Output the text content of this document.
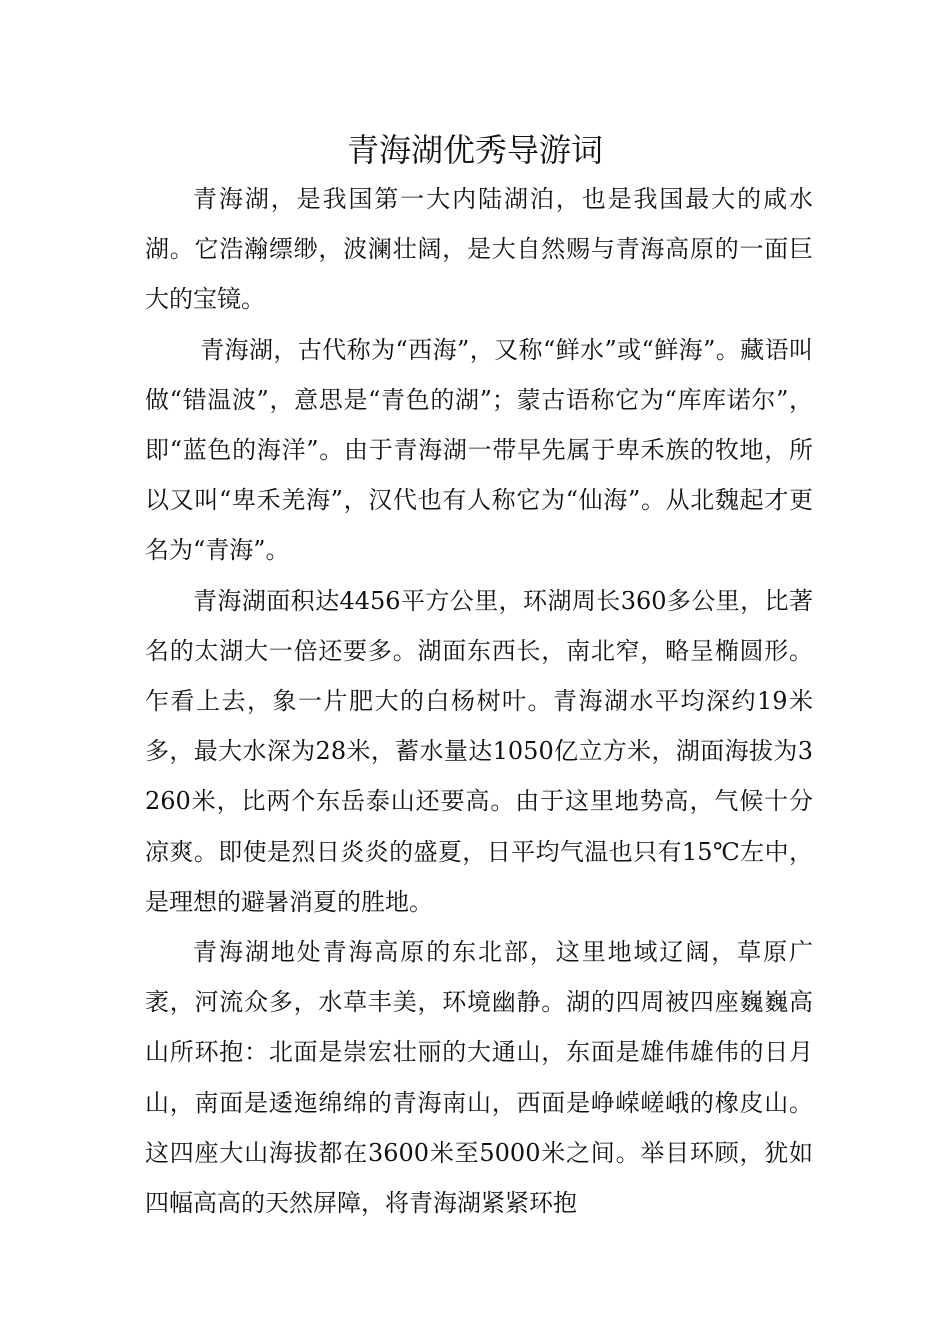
青海湖优秀导游词

青海湖，是我国第一大内陆湖泊，也是我国最大的咸水湖。它浩瀚缥缈，波澜壮阔，是大自然赐与青海高原的一面巨大的宝镜。

青海湖，古代称为“西海”，又称“鲜水”或“鲜海”。藏语叫做“错温波”，意思是“青色的湖”；蒙古语称它为“库库诺尔”，即“蓝色的海洋”。由于青海湖一带早先属于卑禾族的牧地，所以又叫“卑禾羌海”，汉代也有人称它为“仙海”。从北魏起才更名为“青海”。

青海湖面积达4456平方公里，环湖周长360多公里，比著名的太湖大一倍还要多。湖面东西长，南北窄，略呈椭圆形。乍看上去，象一片肥大的白杨树叶。青海湖水平均深约19米多，最大水深为28米，蓄水量达1050亿立方米，湖面海拔为3260米，比两个东岳泰山还要高。由于这里地势高，气候十分凉爽。即使是烈日炎炎的盛夏，日平均气温也只有15℃左中，是理想的避暑消夏的胜地。

青海湖地处青海高原的东北部，这里地域辽阔，草原广袤，河流众多，水草丰美，环境幽静。湖的四周被四座巍巍高山所环抱：北面是崇宏壮丽的大通山，东面是雄伟雄伟的日月山，南面是逶迤绵绵的青海南山，西面是峥嵘嵯峨的橡皮山。这四座大山海拔都在3600米至5000米之间。举目环顾，犹如四幅高高的天然屏障，将青海湖紧紧环抱
